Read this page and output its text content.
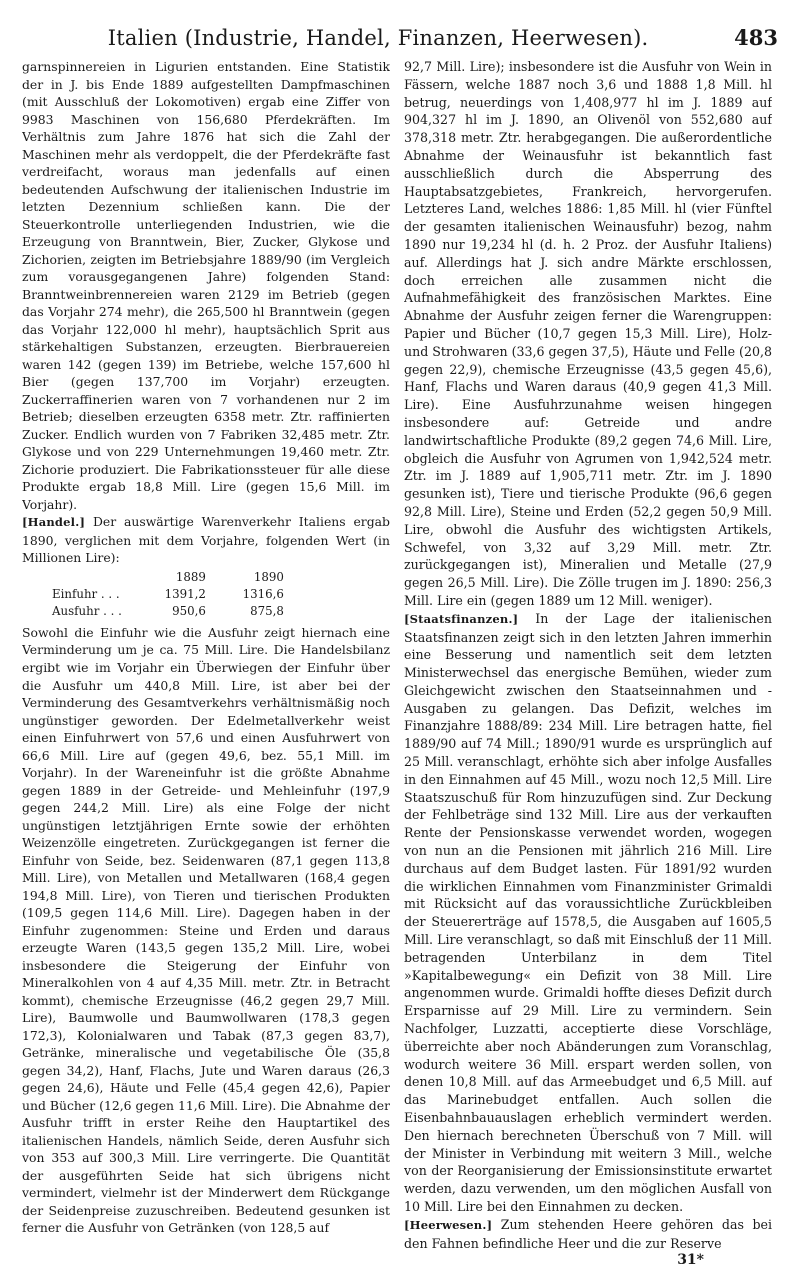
Italien (Industrie, Handel, Finanzen, Heerwesen).	483

garnspinnereien in Ligurien entstanden. Eine Statistik der in J. bis Ende 1889 aufgestellten Dampfmaschinen (mit Ausschluß der Lokomotiven) ergab eine Ziffer von 9983 Maschinen von 156,680 Pferdekräften. Im Verhältnis zum Jahre 1876 hat sich die Zahl der Maschinen mehr als verdoppelt, die der Pferdekräfte fast verdreifacht, woraus man jedenfalls auf einen bedeutenden Aufschwung der italienischen Industrie im letzten Dezennium schließen kann. Die der Steuerkontrolle unterliegenden Industrien, wie die Erzeugung von Branntwein, Bier, Zucker, Glykose und Zichorien, zeigten im Betriebsjahre 1889/90 (im Vergleich zum vorausgegangenen Jahre) folgenden Stand: Branntweinbrennereien waren 2129 im Betrieb (gegen das Vorjahr 274 mehr), die 265,500 hl Branntwein (gegen das Vorjahr 122,000 hl mehr), hauptsächlich Sprit aus stärkehaltigen Substanzen, erzeugten. Bierbrauereien waren 142 (gegen 139) im Betriebe, welche 157,600 hl Bier (gegen 137,700 im Vorjahr) erzeugten. Zuckerraffinerien waren von 7 vorhandenen nur 2 im Betrieb; dieselben erzeugten 6358 metr. Ztr. raffinierten Zucker. Endlich wurden von 7 Fabriken 32,485 metr. Ztr. Glykose und von 229 Unternehmungen 19,460 metr. Ztr. Zichorie produziert. Die Fabrikationssteuer für alle diese Produkte ergab 18,8 Mill. Lire (gegen 15,6 Mill. im Vorjahr).

[Handel.] Der auswärtige Warenverkehr Italiens ergab 1890, verglichen mit dem Vorjahre, folgenden Wert (in Millionen Lire):

	1889	1890
Einfuhr . . .	1391,2	1316,6
Ausfuhr . . .	950,6	875,8

Sowohl die Einfuhr wie die Ausfuhr zeigt hiernach eine Verminderung um je ca. 75 Mill. Lire. Die Handelsbilanz ergibt wie im Vorjahr ein Überwiegen der Einfuhr über die Ausfuhr um 440,8 Mill. Lire, ist aber bei der Verminderung des Gesamtverkehrs verhältnismäßig noch ungünstiger geworden. Der Edelmetallverkehr weist einen Einfuhrwert von 57,6 und einen Ausfuhrwert von 66,6 Mill. Lire auf (gegen 49,6, bez. 55,1 Mill. im Vorjahr). In der Wareneinfuhr ist die größte Abnahme gegen 1889 in der Getreide- und Mehleinfuhr (197,9 gegen 244,2 Mill. Lire) als eine Folge der nicht ungünstigen letztjährigen Ernte sowie der erhöhten Weizenzölle eingetreten. Zurückgegangen ist ferner die Einfuhr von Seide, bez. Seidenwaren (87,1 gegen 113,8 Mill. Lire), von Metallen und Metallwaren (168,4 gegen 194,8 Mill. Lire), von Tieren und tierischen Produkten (109,5 gegen 114,6 Mill. Lire). Dagegen haben in der Einfuhr zugenommen: Steine und Erden und daraus erzeugte Waren (143,5 gegen 135,2 Mill. Lire, wobei insbesondere die Steigerung der Einfuhr von Mineralkohlen von 4 auf 4,35 Mill. metr. Ztr. in Betracht kommt), chemische Erzeugnisse (46,2 gegen 29,7 Mill. Lire), Baumwolle und Baumwollwaren (178,3 gegen 172,3), Kolonialwaren und Tabak (87,3 gegen 83,7), Getränke, mineralische und vegetabilische Öle (35,8 gegen 34,2), Hanf, Flachs, Jute und Waren daraus (26,3 gegen 24,6), Häute und Felle (45,4 gegen 42,6), Papier und Bücher (12,6 gegen 11,6 Mill. Lire). Die Abnahme der Ausfuhr trifft in erster Reihe den Hauptartikel des italienischen Handels, nämlich Seide, deren Ausfuhr sich von 353 auf 300,3 Mill. Lire verringerte. Die Quantität der ausgeführten Seide hat sich übrigens nicht vermindert, vielmehr ist der Minderwert dem Rückgange der Seidenpreise zuzuschreiben. Bedeutend gesunken ist ferner die Ausfuhr von Getränken (von 128,5 auf

92,7 Mill. Lire); insbesondere ist die Ausfuhr von Wein in Fässern, welche 1887 noch 3,6 und 1888 1,8 Mill. hl betrug, neuerdings von 1,408,977 hl im J. 1889 auf 904,327 hl im J. 1890, an Olivenöl von 552,680 auf 378,318 metr. Ztr. herabgegangen. Die außerordentliche Abnahme der Weinausfuhr ist bekanntlich fast ausschließlich durch die Absperrung des Hauptabsatzgebietes, Frankreich, hervorgerufen. Letzteres Land, welches 1886: 1,85 Mill. hl (vier Fünftel der gesamten italienischen Weinausfuhr) bezog, nahm 1890 nur 19,234 hl (d. h. 2 Proz. der Ausfuhr Italiens) auf. Allerdings hat J. sich andre Märkte erschlossen, doch erreichen alle zusammen nicht die Aufnahmefähigkeit des französischen Marktes. Eine Abnahme der Ausfuhr zeigen ferner die Warengruppen: Papier und Bücher (10,7 gegen 15,3 Mill. Lire), Holz- und Strohwaren (33,6 gegen 37,5), Häute und Felle (20,8 gegen 22,9), chemische Erzeugnisse (43,5 gegen 45,6), Hanf, Flachs und Waren daraus (40,9 gegen 41,3 Mill. Lire). Eine Ausfuhrzunahme weisen hingegen insbesondere auf: Getreide und andre landwirtschaftliche Produkte (89,2 gegen 74,6 Mill. Lire, obgleich die Ausfuhr von Agrumen von 1,942,524 metr. Ztr. im J. 1889 auf 1,905,711 metr. Ztr. im J. 1890 gesunken ist), Tiere und tierische Produkte (96,6 gegen 92,8 Mill. Lire), Steine und Erden (52,2 gegen 50,9 Mill. Lire, obwohl die Ausfuhr des wichtigsten Artikels, Schwefel, von 3,32 auf 3,29 Mill. metr. Ztr. zurückgegangen ist), Mineralien und Metalle (27,9 gegen 26,5 Mill. Lire). Die Zölle trugen im J. 1890: 256,3 Mill. Lire ein (gegen 1889 um 12 Mill. weniger).

[Staatsfinanzen.] In der Lage der italienischen Staatsfinanzen zeigt sich in den letzten Jahren immerhin eine Besserung und namentlich seit dem letzten Ministerwechsel das energische Bemühen, wieder zum Gleichgewicht zwischen den Staatseinnahmen und -Ausgaben zu gelangen. Das Defizit, welches im Finanzjahre 1888/89: 234 Mill. Lire betragen hatte, fiel 1889/90 auf 74 Mill.; 1890/91 wurde es ursprünglich auf 25 Mill. veranschlagt, erhöhte sich aber infolge Ausfalles in den Einnahmen auf 45 Mill., wozu noch 12,5 Mill. Lire Staatszuschuß für Rom hinzuzufügen sind. Zur Deckung der Fehlbeträge sind 132 Mill. Lire aus der verkauften Rente der Pensionskasse verwendet worden, wogegen von nun an die Pensionen mit jährlich 216 Mill. Lire durchaus auf dem Budget lasten. Für 1891/92 wurden die wirklichen Einnahmen vom Finanzminister Grimaldi mit Rücksicht auf das voraussichtliche Zurückbleiben der Steuererträge auf 1578,5, die Ausgaben auf 1605,5 Mill. Lire veranschlagt, so daß mit Einschluß der 11 Mill. betragenden Unterbilanz in dem Titel »Kapitalbewegung« ein Defizit von 38 Mill. Lire angenommen wurde. Grimaldi hoffte dieses Defizit durch Ersparnisse auf 29 Mill. Lire zu vermindern. Sein Nachfolger, Luzzatti, acceptierte diese Vorschläge, überreichte aber noch Abänderungen zum Voranschlag, wodurch weitere 36 Mill. erspart werden sollen, von denen 10,8 Mill. auf das Armeebudget und 6,5 Mill. auf das Marinebudget entfallen. Auch sollen die Eisenbahnbauauslagen erheblich vermindert werden. Den hiernach berechneten Überschuß von 7 Mill. will der Minister in Verbindung mit weitern 3 Mill., welche von der Reorganisierung der Emissionsinstitute erwartet werden, dazu verwenden, um den möglichen Ausfall von 10 Mill. Lire bei den Einnahmen zu decken.

[Heerwesen.] Zum stehenden Heere gehören das bei den Fahnen befindliche Heer und die zur Reserve

31*
